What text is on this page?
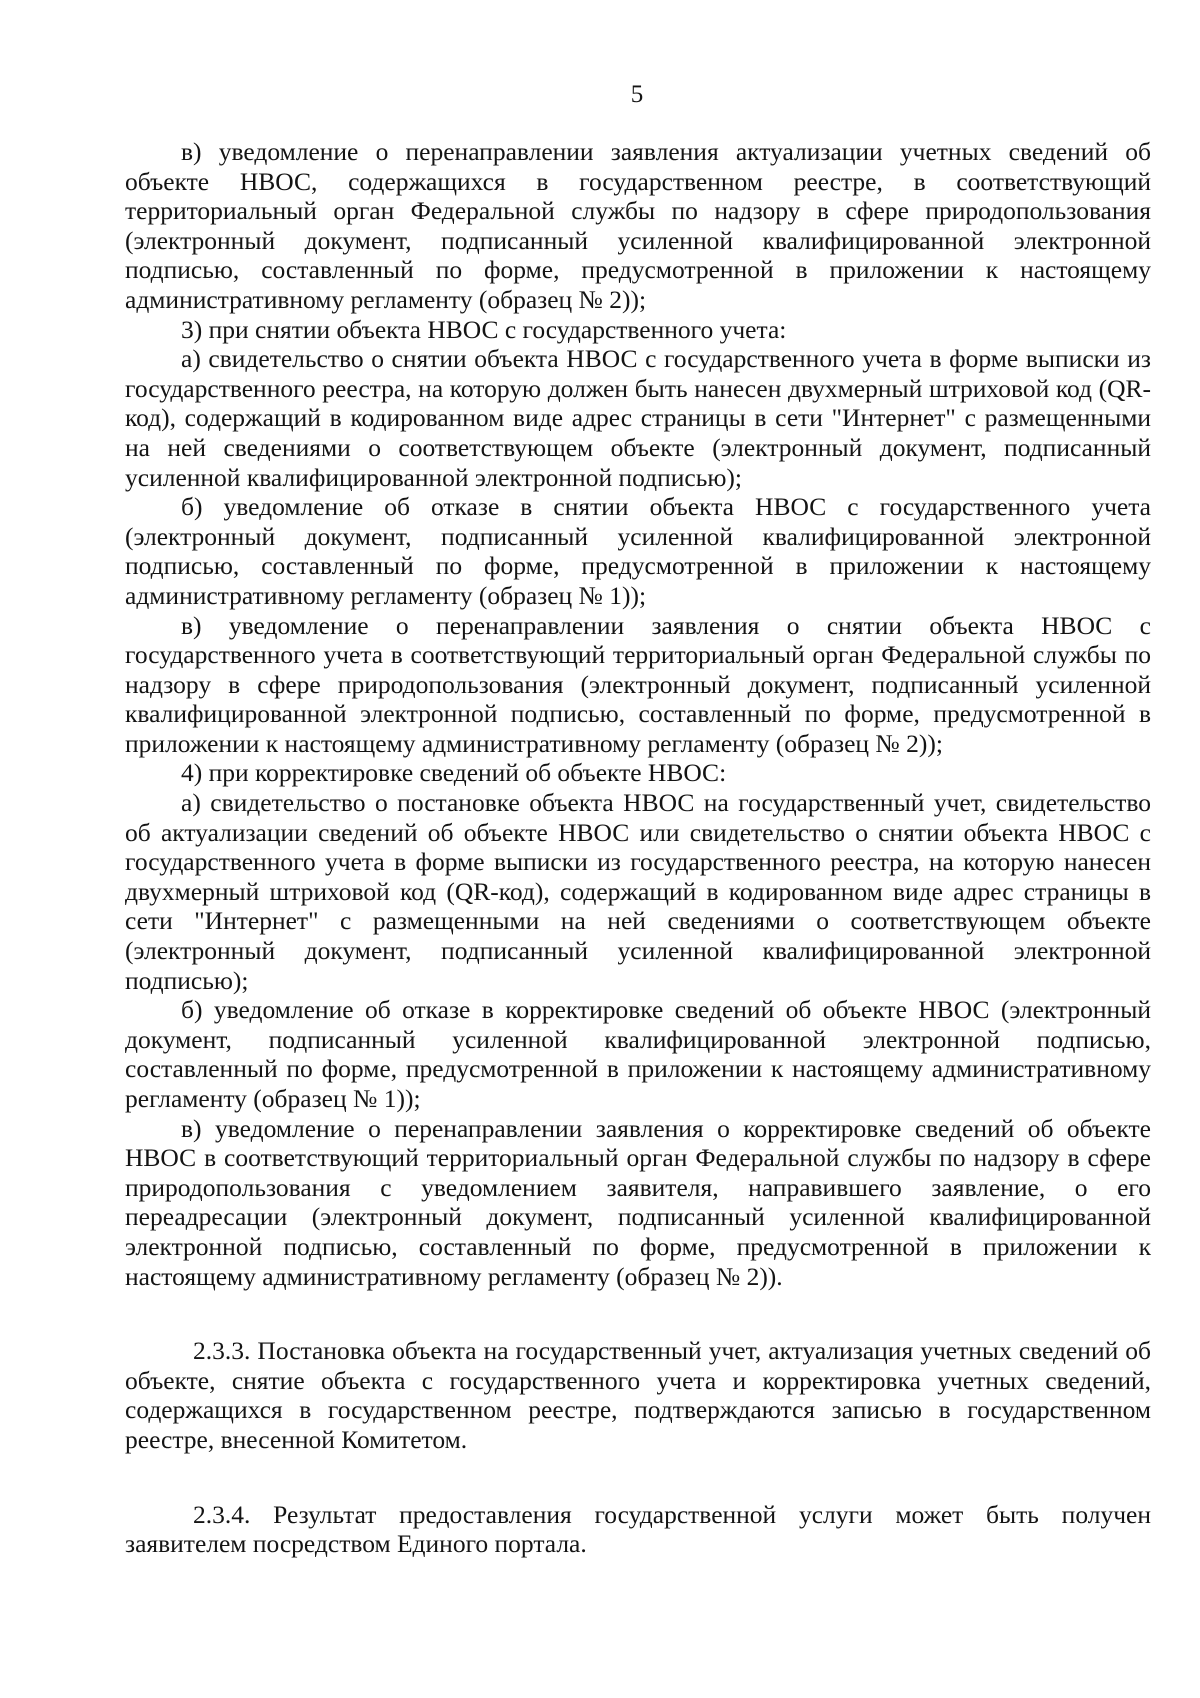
5

в) уведомление о перенаправлении заявления актуализации учетных сведений об объекте НВОС, содержащихся в государственном реестре, в соответствующий территориальный орган Федеральной службы по надзору в сфере природопользования (электронный документ, подписанный усиленной квалифицированной электронной подписью, составленный по форме, предусмотренной в приложении к настоящему административному регламенту (образец № 2));

3) при снятии объекта НВОС с государственного учета:

а) свидетельство о снятии объекта НВОС с государственного учета в форме выписки из государственного реестра, на которую должен быть нанесен двухмерный штриховой код (QR-код), содержащий в кодированном виде адрес страницы в сети "Интернет" с размещенными на ней сведениями о соответствующем объекте (электронный документ, подписанный усиленной квалифицированной электронной подписью);

б) уведомление об отказе в снятии объекта НВОС с государственного учета (электронный документ, подписанный усиленной квалифицированной электронной подписью, составленный по форме, предусмотренной в приложении к настоящему административному регламенту (образец № 1));

в) уведомление о перенаправлении заявления о снятии объекта НВОС с государственного учета в соответствующий территориальный орган Федеральной службы по надзору в сфере природопользования (электронный документ, подписанный усиленной квалифицированной электронной подписью, составленный по форме, предусмотренной в приложении к настоящему административному регламенту (образец № 2));

4) при корректировке сведений об объекте НВОС:

а) свидетельство о постановке объекта НВОС на государственный учет, свидетельство об актуализации сведений об объекте НВОС или свидетельство о снятии объекта НВОС с государственного учета в форме выписки из государственного реестра, на которую нанесен двухмерный штриховой код (QR-код), содержащий в кодированном виде адрес страницы в сети "Интернет" с размещенными на ней сведениями о соответствующем объекте (электронный документ, подписанный усиленной квалифицированной электронной подписью);

б) уведомление об отказе в корректировке сведений об объекте НВОС (электронный документ, подписанный усиленной квалифицированной электронной подписью, составленный по форме, предусмотренной в приложении к настоящему административному регламенту (образец № 1));

в) уведомление о перенаправлении заявления о корректировке сведений об объекте НВОС в соответствующий территориальный орган Федеральной службы по надзору в сфере природопользования с уведомлением заявителя, направившего заявление, о его переадресации (электронный документ, подписанный усиленной квалифицированной электронной подписью, составленный по форме, предусмотренной в приложении к настоящему административному регламенту (образец № 2)).

2.3.3. Постановка объекта на государственный учет, актуализация учетных сведений об объекте, снятие объекта с государственного учета и корректировка учетных сведений, содержащихся в государственном реестре, подтверждаются записью в государственном реестре, внесенной Комитетом.

2.3.4. Результат предоставления государственной услуги может быть получен заявителем посредством Единого портала.
